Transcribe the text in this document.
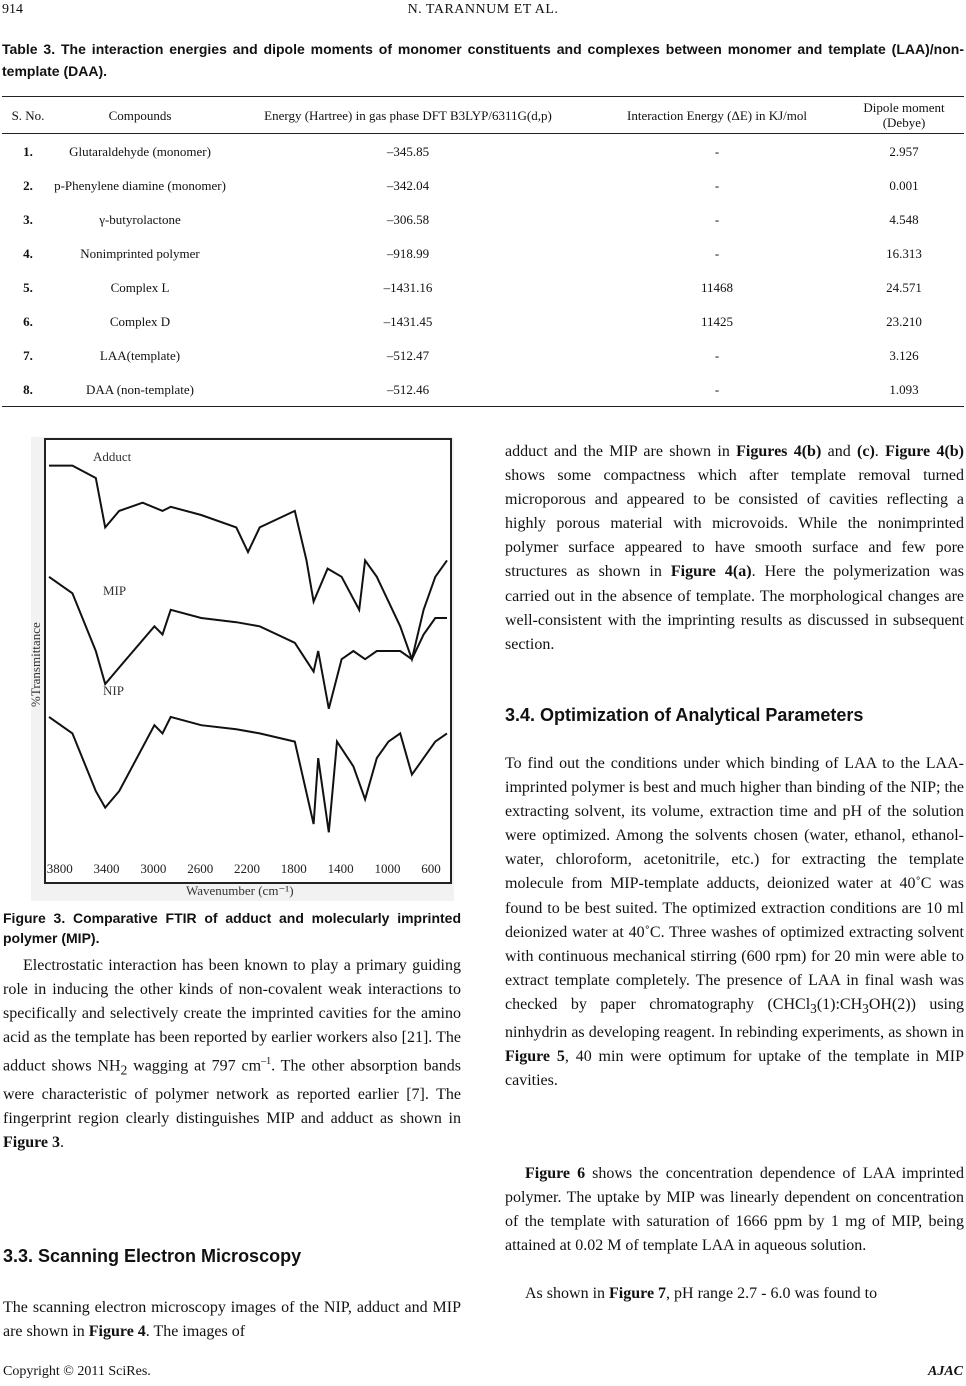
914	N. TARANNUM ET AL.
Table 3. The interaction energies and dipole moments of monomer constituents and complexes between monomer and template (LAA)/non-template (DAA).
S. No.	Compounds	Energy (Hartree) in gas phase DFT B3LYP/6311G(d,p)	Interaction Energy (ΔE) in KJ/mol	Dipole moment (Debye)
1.	Glutaraldehyde (monomer)	–345.85	-	2.957
2.	p-Phenylene diamine (monomer)	–342.04	-	0.001
3.	γ-butyrolactone	–306.58	-	4.548
4.	Nonimprinted polymer	–918.99	-	16.313
5.	Complex L	–1431.16	11468	24.571
6.	Complex D	–1431.45	11425	23.210
7.	LAA(template)	–512.47	-	3.126
8.	DAA (non-template)	–512.46	-	1.093
Adduct
MIP
NIP
%Transmittance
3800 3400 3000 2600 2200 1800 1400 1000 600
Wavenumber (cm⁻¹)
Figure 3. Comparative FTIR of adduct and molecularly imprinted polymer (MIP).
Electrostatic interaction has been known to play a primary guiding role in inducing the other kinds of non-covalent weak interactions to specifically and selectively create the imprinted cavities for the amino acid as the template has been reported by earlier workers also [21]. The adduct shows $NH_2$ wagging at 797 $cm^{-1}$. The other absorption bands were characteristic of polymer network as reported earlier [7]. The fingerprint region clearly distinguishes MIP and adduct as shown in Figure 3.
3.3. Scanning Electron Microscopy
The scanning electron microscopy images of the NIP, adduct and MIP are shown in Figure 4. The images of
adduct and the MIP are shown in Figures 4(b) and (c). Figure 4(b) shows some compactness which after template removal turned microporous and appeared to be consisted of cavities reflecting a highly porous material with microvoids. While the nonimprinted polymer surface appeared to have smooth surface and few pore structures as shown in Figure 4(a). Here the polymerization was carried out in the absence of template. The morphological changes are well-consistent with the imprinting results as discussed in subsequent section.
3.4. Optimization of Analytical Parameters
To find out the conditions under which binding of LAA to the LAA-imprinted polymer is best and much higher than binding of the NIP; the extracting solvent, its volume, extraction time and pH of the solution were optimized. Among the solvents chosen (water, ethanol, ethanol-water, chloroform, acetonitrile, etc.) for extracting the template molecule from MIP-template adducts, deionized water at 40˚C was found to be best suited. The optimized extraction conditions are 10 ml deionized water at 40˚C. Three washes of optimized extracting solvent with continuous mechanical stirring (600 rpm) for 20 min were able to extract template completely. The presence of LAA in final wash was checked by paper chromatography $(CHCl_3(1):CH_3OH(2))$ using ninhydrin as developing reagent. In rebinding experiments, as shown in Figure 5, 40 min were optimum for uptake of the template in MIP cavities.
Figure 6 shows the concentration dependence of LAA imprinted polymer. The uptake by MIP was linearly dependent on concentration of the template with saturation of 1666 ppm by 1 mg of MIP, being attained at 0.02 M of template LAA in aqueous solution.
As shown in Figure 7, pH range 2.7 - 6.0 was found to
Copyright © 2011 SciRes.	AJAC
